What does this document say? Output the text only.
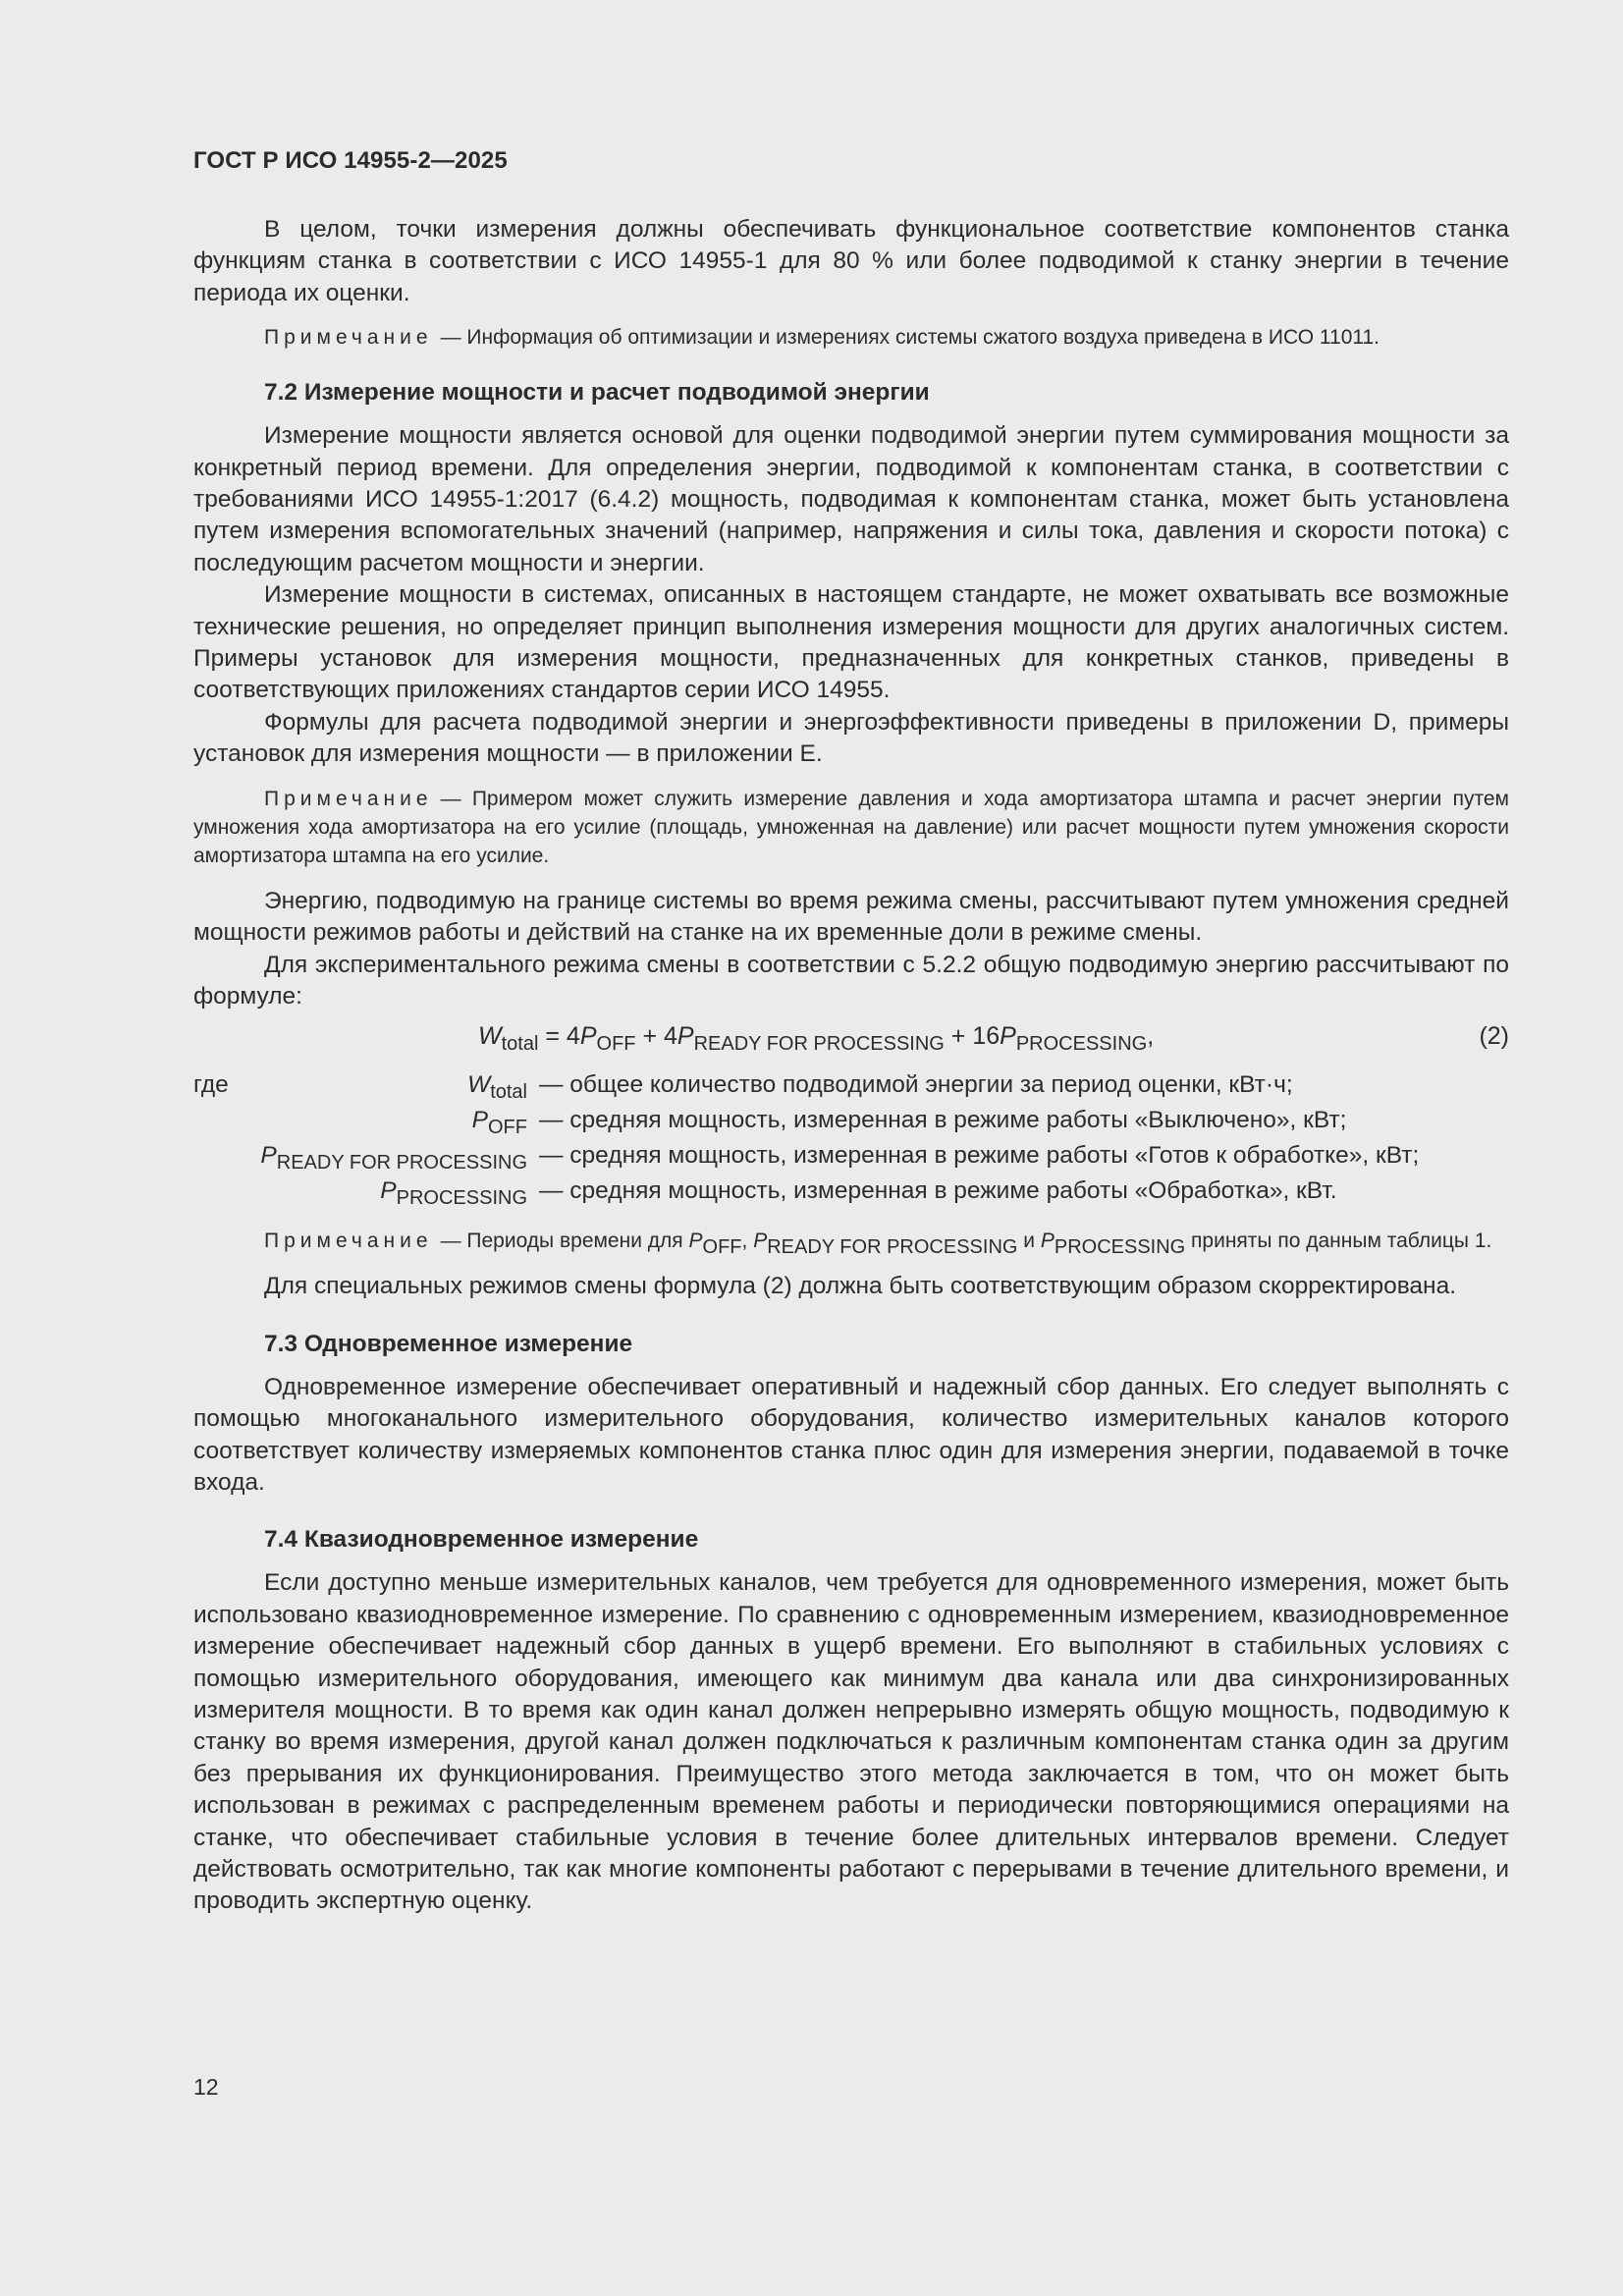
ГОСТ Р ИСО 14955-2—2025

В целом, точки измерения должны обеспечивать функциональное соответствие компонентов станка функциям станка в соответствии с ИСО 14955-1 для 80 % или более подводимой к станку энергии в течение периода их оценки.

Примечание — Информация об оптимизации и измерениях системы сжатого воздуха приведена в ИСО 11011.

7.2 Измерение мощности и расчет подводимой энергии

Измерение мощности является основой для оценки подводимой энергии путем суммирования мощности за конкретный период времени. Для определения энергии, подводимой к компонентам станка, в соответствии с требованиями ИСО 14955-1:2017 (6.4.2) мощность, подводимая к компонентам станка, может быть установлена путем измерения вспомогательных значений (например, напряжения и силы тока, давления и скорости потока) с последующим расчетом мощности и энергии.

Измерение мощности в системах, описанных в настоящем стандарте, не может охватывать все возможные технические решения, но определяет принцип выполнения измерения мощности для других аналогичных систем. Примеры установок для измерения мощности, предназначенных для конкретных станков, приведены в соответствующих приложениях стандартов серии ИСО 14955.

Формулы для расчета подводимой энергии и энергоэффективности приведены в приложении D, примеры установок для измерения мощности — в приложении Е.

Примечание — Примером может служить измерение давления и хода амортизатора штампа и расчет энергии путем умножения хода амортизатора на его усилие (площадь, умноженная на давление) или расчет мощности путем умножения скорости амортизатора штампа на его усилие.

Энергию, подводимую на границе системы во время режима смены, рассчитывают путем умножения средней мощности режимов работы и действий на станке на их временные доли в режиме смены.

Для экспериментального режима смены в соответствии с 5.2.2 общую подводимую энергию рассчитывают по формуле:

$W_{total} = 4P_{OFF} + 4P_{READY FOR PROCESSING} + 16P_{PROCESSING}$,	(2)
где	$W_{total}$ — общее количество подводимой энергии за период оценки, кВт·ч;
$P_{OFF}$ — средняя мощность, измеренная в режиме работы «Выключено», кВт;
$P_{READY FOR PROCESSING}$ — средняя мощность, измеренная в режиме работы «Готов к обработке», кВт;
$P_{PROCESSING}$ — средняя мощность, измеренная в режиме работы «Обработка», кВт.

Примечание — Периоды времени для $P_{OFF}$, $P_{READY FOR PROCESSING}$ и $P_{PROCESSING}$ приняты по данным таблицы 1.

Для специальных режимов смены формула (2) должна быть соответствующим образом скорректирована.

7.3 Одновременное измерение

Одновременное измерение обеспечивает оперативный и надежный сбор данных. Его следует выполнять с помощью многоканального измерительного оборудования, количество измерительных каналов которого соответствует количеству измеряемых компонентов станка плюс один для измерения энергии, подаваемой в точке входа.

7.4 Квазиодновременное измерение

Если доступно меньше измерительных каналов, чем требуется для одновременного измерения, может быть использовано квазиодновременное измерение. По сравнению с одновременным измерением, квазиодновременное измерение обеспечивает надежный сбор данных в ущерб времени. Его выполняют в стабильных условиях с помощью измерительного оборудования, имеющего как минимум два канала или два синхронизированных измерителя мощности. В то время как один канал должен непрерывно измерять общую мощность, подводимую к станку во время измерения, другой канал должен подключаться к различным компонентам станка один за другим без прерывания их функционирования. Преимущество этого метода заключается в том, что он может быть использован в режимах с распределенным временем работы и периодически повторяющимися операциями на станке, что обеспечивает стабильные условия в течение более длительных интервалов времени. Следует действовать осмотрительно, так как многие компоненты работают с перерывами в течение длительного времени, и проводить экспертную оценку.

12
